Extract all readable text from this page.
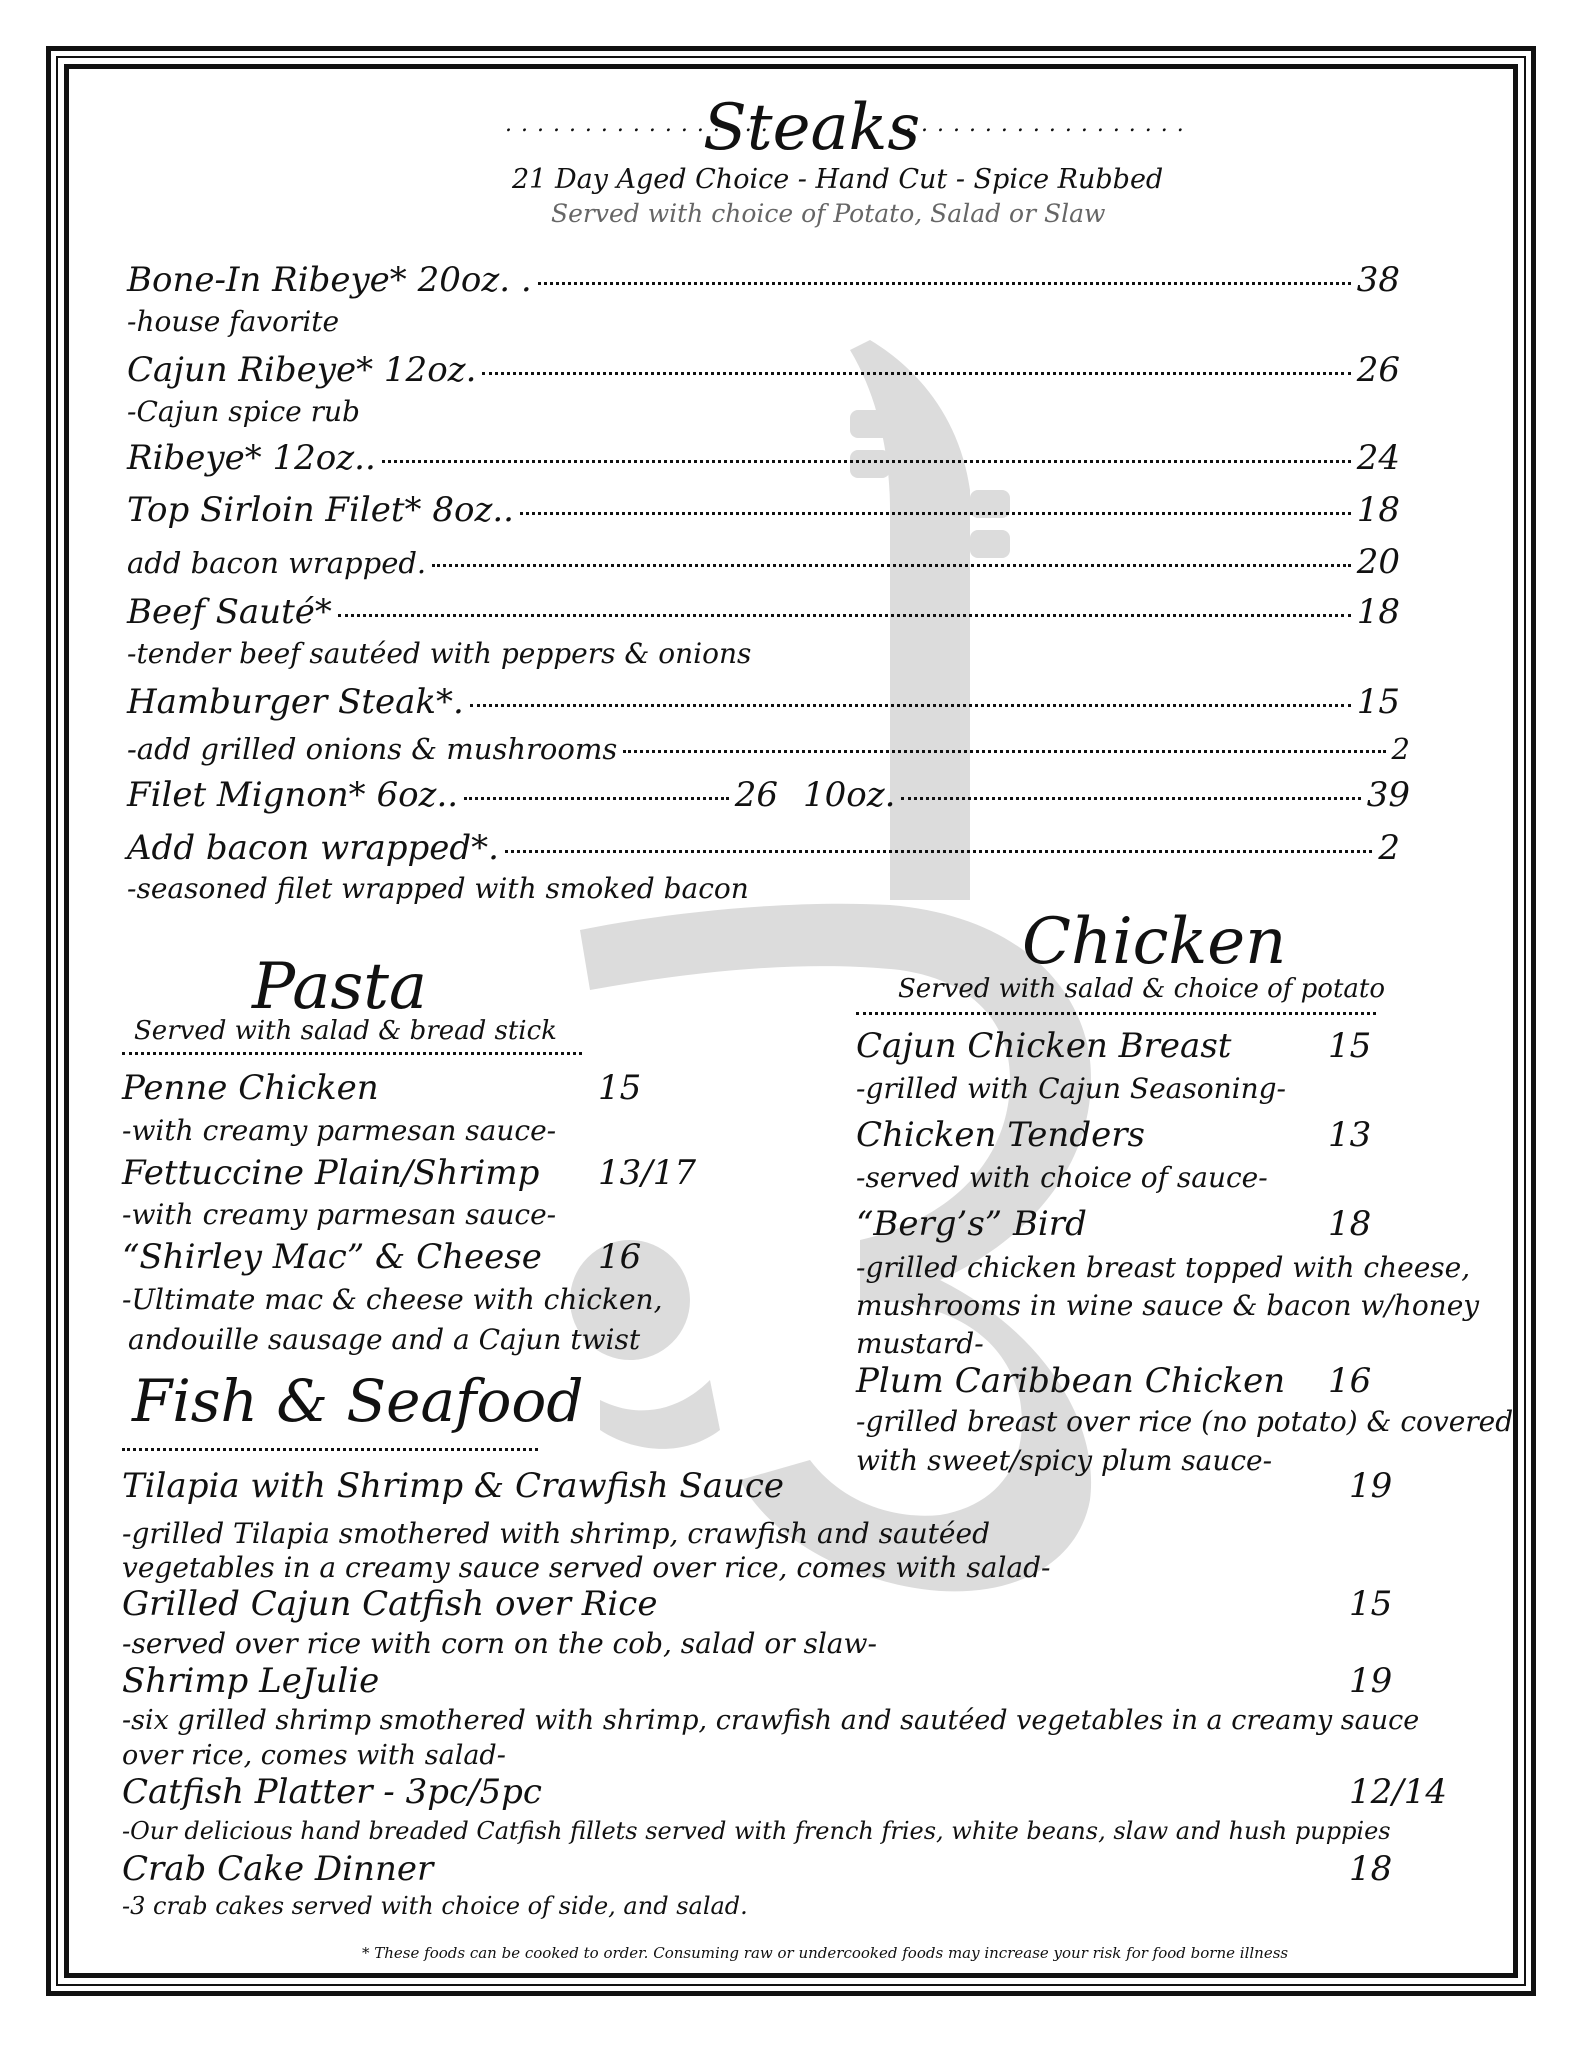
. . . . . . . . . . . . . . . . . .
Steaks
. . . . . . . . . . . . . . . . . .
21 Day Aged Choice - Hand Cut - Spice Rubbed
Served with choice of Potato, Salad or Slaw
Bone-In Ribeye* 20oz. .	38
-house favorite
Cajun Ribeye* 12oz.	26
-Cajun spice rub
Ribeye* 12oz..	24
Top Sirloin Filet* 8oz..	18
add bacon wrapped.	20
Beef Sauté*	18
-tender beef sautéed with peppers & onions
Hamburger Steak*.	15
-add grilled onions & mushrooms	2
Filet Mignon* 6oz..	26 10oz.	39
Add bacon wrapped*.	2
-seasoned filet wrapped with smoked bacon
Pasta
Served with salad & bread stick
Penne Chicken	15
-with creamy parmesan sauce-
Fettuccine Plain/Shrimp 13/17
-with creamy parmesan sauce-
“Shirley Mac” & Cheese 16
-Ultimate mac & cheese with chicken,
andouille sausage and a Cajun twist
Chicken
Served with salad & choice of potato
Cajun Chicken Breast	15
-grilled with Cajun Seasoning-
Chicken Tenders	13
-served with choice of sauce-
“Berg’s” Bird	18
-grilled chicken breast topped with cheese,
mushrooms in wine sauce & bacon w/honey
mustard-
Plum Caribbean Chicken 16
-grilled breast over rice (no potato) & covered
with sweet/spicy plum sauce-
Fish & Seafood
Tilapia with Shrimp & Crawfish Sauce	19
-grilled Tilapia smothered with shrimp, crawfish and sautéed
vegetables in a creamy sauce served over rice, comes with salad-
Grilled Cajun Catfish over Rice	15
-served over rice with corn on the cob, salad or slaw-
Shrimp LeJulie	19
-six grilled shrimp smothered with shrimp, crawfish and sautéed vegetables in a creamy sauce
over rice, comes with salad-
Catfish Platter - 3pc/5pc	12/14
-Our delicious hand breaded Catfish fillets served with french fries, white beans, slaw and hush puppies
Crab Cake Dinner	18
-3 crab cakes served with choice of side, and salad.
* These foods can be cooked to order. Consuming raw or undercooked foods may increase your risk for food borne illness
